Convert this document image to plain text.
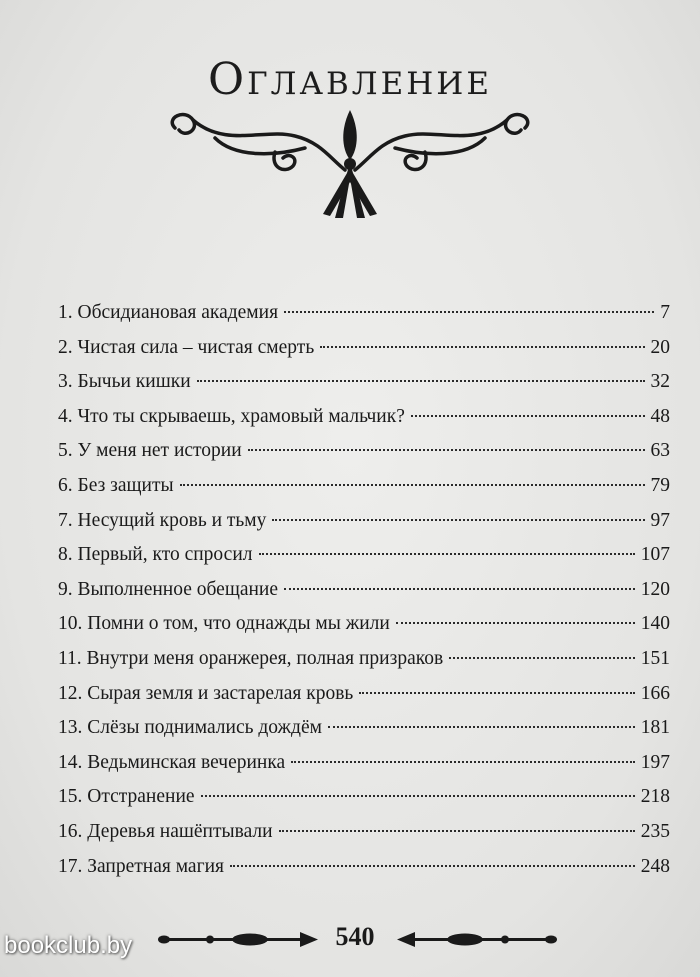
Оглавление
1. Обсидиановая академия	7
2. Чистая сила – чистая смерть	20
3. Бычьи кишки	32
4. Что ты скрываешь, храмовый мальчик?	48
5. У меня нет истории	63
6. Без защиты	79
7. Несущий кровь и тьму	97
8. Первый, кто спросил	107
9. Выполненное обещание	120
10. Помни о том, что однажды мы жили	140
11. Внутри меня оранжерея, полная призраков	151
12. Сырая земля и застарелая кровь	166
13. Слёзы поднимались дождём	181
14. Ведьминская вечеринка	197
15. Отстранение	218
16. Деревья нашёптывали	235
17. Запретная магия	248
540
bookclub.by
